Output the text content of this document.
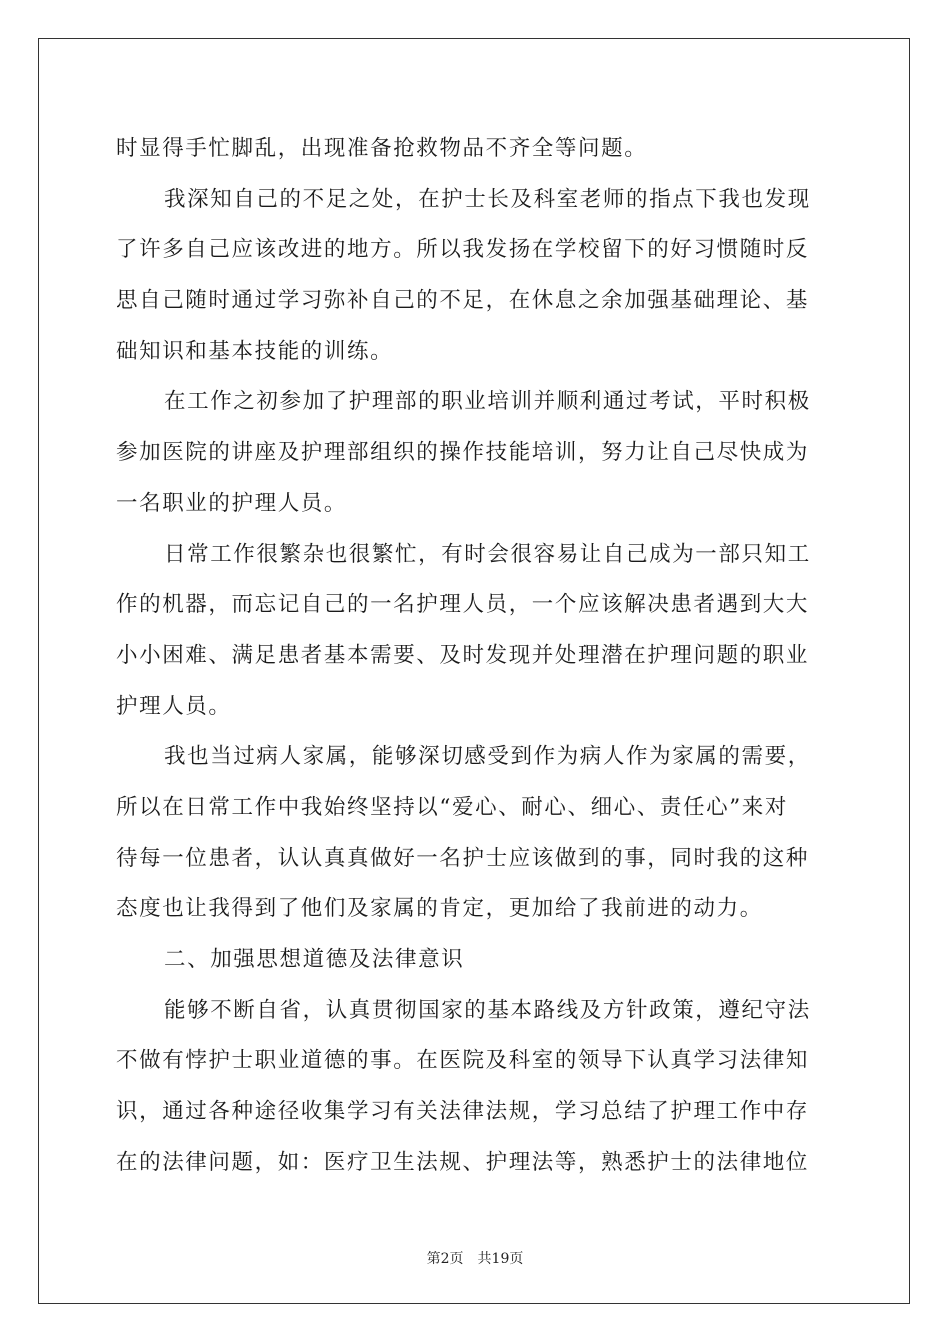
时显得手忙脚乱，出现准备抢救物品不齐全等问题。
我深知自己的不足之处，在护士长及科室老师的指点下我也发现
了许多自己应该改进的地方。所以我发扬在学校留下的好习惯随时反
思自己随时通过学习弥补自己的不足，在休息之余加强基础理论、基
础知识和基本技能的训练。
在工作之初参加了护理部的职业培训并顺利通过考试，平时积极
参加医院的讲座及护理部组织的操作技能培训，努力让自己尽快成为
一名职业的护理人员。
日常工作很繁杂也很繁忙，有时会很容易让自己成为一部只知工
作的机器，而忘记自己的一名护理人员，一个应该解决患者遇到大大
小小困难、满足患者基本需要、及时发现并处理潜在护理问题的职业
护理人员。
我也当过病人家属，能够深切感受到作为病人作为家属的需要，
所以在日常工作中我始终坚持以“爱心、耐心、细心、责任心”来对
待每一位患者，认认真真做好一名护士应该做到的事，同时我的这种
态度也让我得到了他们及家属的肯定，更加给了我前进的动力。
二、加强思想道德及法律意识
能够不断自省，认真贯彻国家的基本路线及方针政策，遵纪守法
不做有悖护士职业道德的事。在医院及科室的领导下认真学习法律知
识，通过各种途径收集学习有关法律法规，学习总结了护理工作中存
在的法律问题，如：医疗卫生法规、护理法等，熟悉护士的法律地位
第2页 共19页
